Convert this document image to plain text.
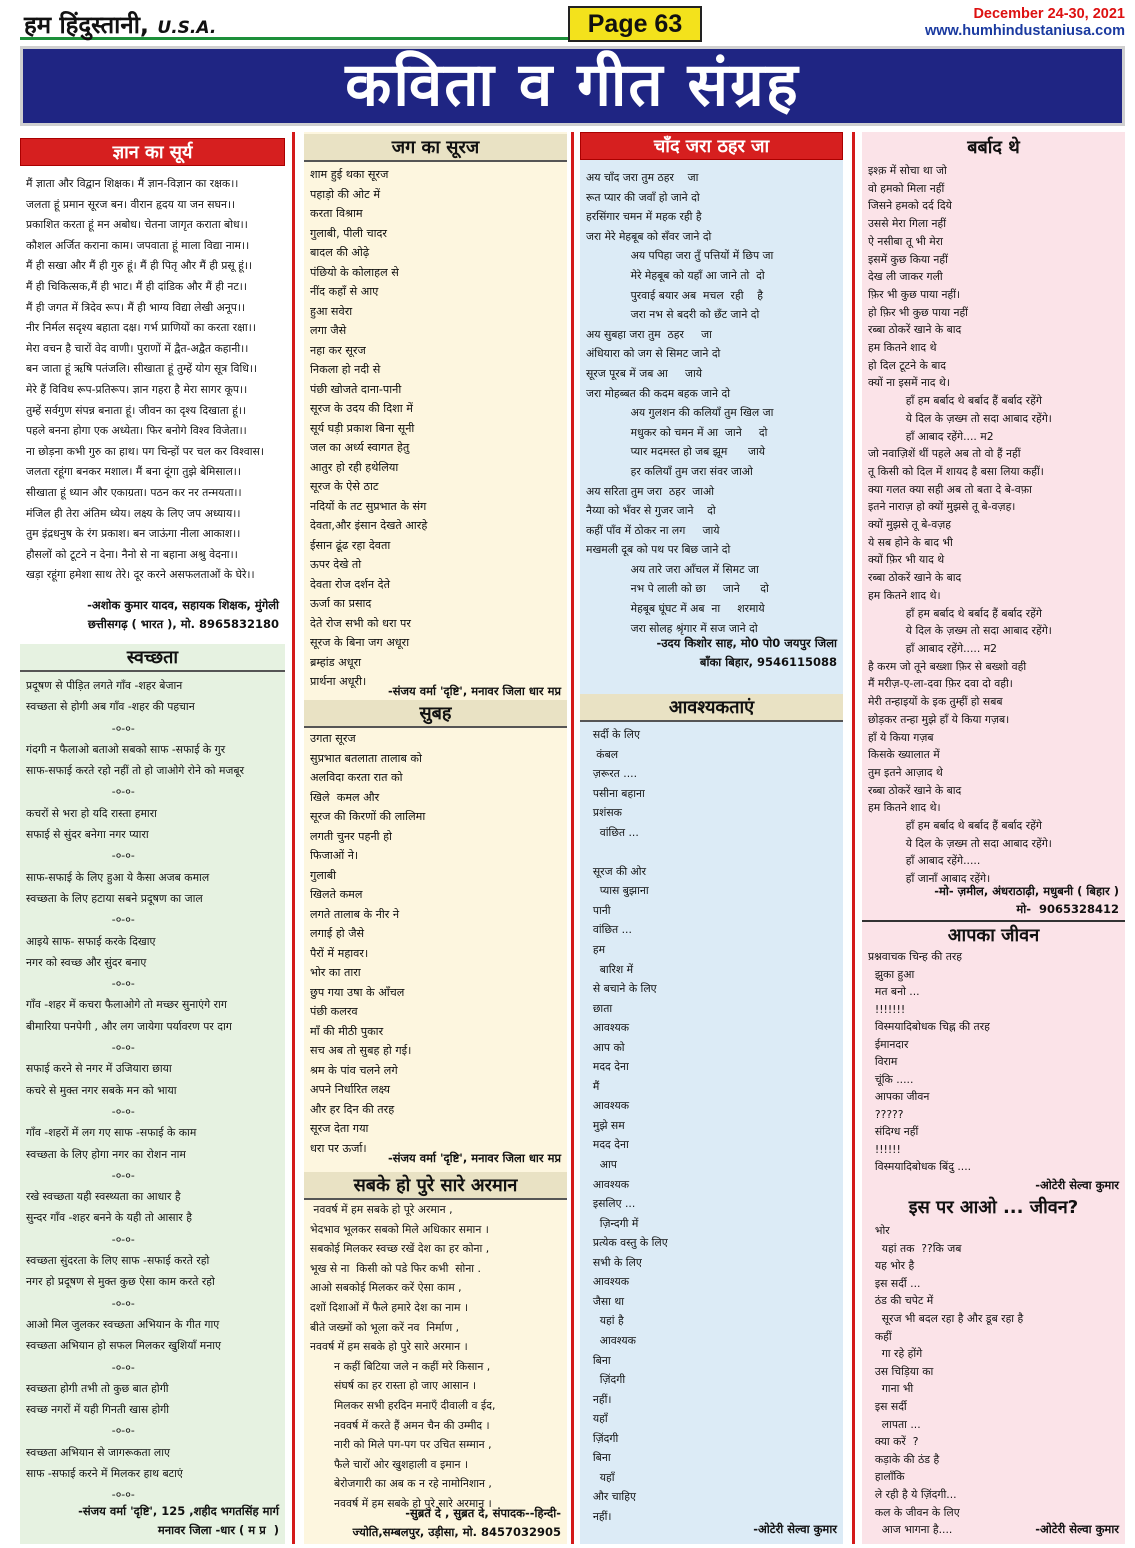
हम हिंदुस्तानी, U.S.A.	Page 63	December 24-30, 2021
www.humhindustaniusa.com
कविता व गीत संग्रह
ज्ञान का सूर्य
मैं ज्ञाता और विद्वान शिक्षक। मैं ज्ञान-विज्ञान का रक्षक।।
जलता हूं प्रमान सूरज बन। वीरान हृदय या जन सघन।।
प्रकाशित करता हूं मन अबोध। चेतना जागृत कराता बोध।।
कौशल अर्जित कराना काम। जपवाता हूं माला विद्या नाम।।
मैं ही सखा और मैं ही गुरु हूं। मैं ही पितृ और मैं ही प्रसू हूं।।
मैं ही चिकित्सक,मैं ही भाट। मैं ही दांडिक और मैं ही नट।।
मैं ही जगत में त्रिदेव रूप। मैं ही भाग्य विद्या लेखी अनूप।।
नीर निर्मल सदृश्य बहाता दक्ष। गर्भ प्राणियों का करता रक्षा।।
मेरा वचन है चारों वेद वाणी। पुराणों में द्वैत-अद्वैत कहानी।।
बन जाता हूं ऋषि पतंजलि। सीखाता हूं तुम्हें योग सूत्र विधि।।
मेरे हैं विविध रूप-प्रतिरूप। ज्ञान गहरा है मेरा सागर कूप।।
तुम्हें सर्वगुण संपन्न बनाता हूं। जीवन का दृश्य दिखाता हूं।।
पहले बनना होगा एक अध्येता। फिर बनोगे विश्व विजेता।।
ना छोड़ना कभी गुरु का हाथ। पग चिन्हों पर चल कर विश्वास।
जलता रहूंगा बनकर मशाल। मैं बना दूंगा तुझे बेमिसाल।।
सीखाता हूं ध्यान और एकाग्रता। पठन कर नर तन्मयता।।
मंजिल ही तेरा अंतिम ध्येय। लक्ष्य के लिए जप अध्याय।।
तुम इंद्रधनुष के रंग प्रकाश। बन जाऊंगा नीला आकाश।।
हौसलों को टूटने न देना। नैनो से ना बहाना अश्रु वेदना।।
खड़ा रहूंगा हमेशा साथ तेरे। दूर करने असफलताओं के घेरे।।
-अशोक कुमार यादव, सहायक शिक्षक, मुंगेली
छत्तीसगढ़ ( भारत ), मो. 8965832180
स्वच्छता
प्रदूषण से पीड़ित लगते गाँव -शहर बेजान
स्वच्छता से होगी अब गाँव -शहर की पहचान
-०-०-
गंदगी न फैलाओ बताओ सबको साफ -सफाई के गुर
साफ-सफाई करते रहो नहीं तो हो जाओगे रोने को मजबूर
-०-०-
कचरों से भरा हो यदि रास्ता हमारा
सफाई से सुंदर बनेगा नगर प्यारा
-०-०-
साफ-सफाई के लिए हुआ ये कैसा अजब कमाल
स्वच्छता के लिए हटाया सबने प्रदूषण का जाल
-०-०-
आइये साफ- सफाई करके दिखाए
नगर को स्वच्छ और सुंदर बनाए
-०-०-
गाँव -शहर में कचरा फैलाओगे तो मच्छर सुनाएंगे राग
बीमारिया पनपेगी , और लग जायेगा पर्यावरण पर दाग
-०-०-
सफाई करने से नगर में उजियारा छाया
कचरे से मुक्त नगर सबके मन को भाया
-०-०-
गाँव -शहरों में लग गए साफ -सफाई के काम
स्वच्छता के लिए होगा नगर का रोशन नाम
-०-०-
रखे स्वच्छता यही स्वस्थ्यता का आधार है
सुन्दर गाँव -शहर बनने के यही तो आसार है
-०-०-
स्वच्छता सुंदरता के लिए साफ -सफाई करते रहो
नगर हो प्रदूषण से मुक्त कुछ ऐसा काम करते रहो
-०-०-
आओ मिल जुलकर स्वच्छता अभियान के गीत गाए
स्वच्छता अभियान हो सफल मिलकर खुशियाँ मनाए
-०-०-
स्वच्छता होगी तभी तो कुछ बात होगी
स्वच्छ नगरों में यही गिनती खास होगी
-०-०-
स्वच्छता अभियान से जागरूकता लाए
साफ -सफाई करने में मिलकर हाथ बटाएं
-०-०-
-संजय वर्मा 'दृष्टि', 125 ,शहीद भगतसिंह मार्ग
मनावर जिला -धार ( म प्र  )
जग का सूरज
शाम हुई थका सूरज
पहाड़ो की ओट में
करता विश्राम
गुलाबी, पीली चादर
बादल की ओढ़े
पंछियो के कोलाहल से
नींद कहाँ से आए
हुआ सवेरा
लगा जैसे
नहा कर सूरज
निकला हो नदी से
पंछी खोजते दाना-पानी
सूरज के उदय की दिशा में
सूर्य घड़ी प्रकाश बिना सूनी
जल का अर्ध्य स्वागत हेतु
आतुर हो रही हथेलिया
सूरज के ऐसे ठाट
नदियों के तट सुप्रभात के संग
देवता,और इंसान देखते आरहे
ईसान ढूंढ रहा देवता
ऊपर देखे तो
देवता रोज दर्शन देते
ऊर्जा का प्रसाद
देते रोज सभी को धरा पर
सूरज के बिना जग अधूरा
ब्रम्हांड अधूरा
प्रार्थना अधूरी।
-संजय वर्मा 'दृष्टि', मनावर जिला धार मप्र
सुबह
उगता सूरज
सुप्रभात बतलाता तालाब को
अलविदा करता रात को
खिले  कमल और
सूरज की किरणों की लालिमा
लगती चुनर पहनी हो
फिजाओं ने।
गुलाबी
खिलते कमल
लगते तालाब के नीर ने
लगाई हो जैसे
पैरों में महावर।
भोर का तारा
छुप गया उषा के आँचल
पंछी कलरव
माँ की मीठी पुकार
सच अब तो सुबह हो गई।
श्रम के पांव चलने लगे
अपने निर्धारित लक्ष्य
और हर दिन की तरह
सूरज देता गया
धरा पर ऊर्जा।
-संजय वर्मा 'दृष्टि', मनावर जिला धार मप्र
सबके हो पुरे सारे अरमान
नववर्ष में हम सबके हो पूरे अरमान ,
भेदभाव भूलकर सबको मिले अधिकार समान ।
सबकोई मिलकर स्वच्छ रखें देश का हर कोना ,
भूख से ना  किसी को पडे फिर कभी  सोना .
आओ सबकोई मिलकर करें ऐसा काम ,
दशों दिशाओं में फैले हमारे देश का नाम ।
बीते जख्मों को भूला करें नव  निर्माण ,
नववर्ष में हम सबके हो पुरे सारे अरमान ।
न कहीं बिटिया जले न कहीं मरे किसान ,
संघर्ष का हर रास्ता हो जाए आसान ।
मिलकर सभी हरदिन मनाएँ दीवाली व ईद,
नववर्ष में करते हैं अमन चैन की उम्मीद ।
नारी को मिले पग-पग पर उचित सम्मान ,
फैले चारों ओर खुशहाली व इमान ।
बेरोजगारी का अब क न रहे नामोनिशान ,
नववर्ष में हम सबके हो पुरे सारे अरमान ।
-सुब्रत दे , सुब्रत दे, संपादक--हिन्दी-
ज्योति,सम्बलपुर, उड़ीसा, मो. 8457032905
चाँद जरा ठहर जा
अय चाँद जरा तुम ठहर    जा
रूत प्यार की जवाँ हो जाने दो
हरसिंगार चमन में महक रही है
जरा मेरे मेहबूब को सँवर जाने दो
अय पपिहा जरा तुँ पत्तियों में छिप जा
मेरे मेहबूब को यहाँ आ जाने तो  दो
पुरवाई बयार अब  मचल  रही    है
जरा नभ से बदरी को छँट जाने दो
अय सुबहा जरा तुम  ठहर     जा
अंधियारा को जग से सिमट जाने दो
सूरज पूरब में जब आ     जाये
जरा मोहब्बत की कदम बहक जाने दो
अय गुलशन की कलियाँ तुम खिल जा
मधुकर को चमन में आ  जाने     दो
प्यार मदमस्त हो जब झूम      जाये
हर कलियाँ तुम जरा संवर जाओ
अय सरिता तुम जरा  ठहर  जाओ
नैय्या को भँवर से गुजर जाने    दो
कहीं पाँव में ठोकर ना लग     जाये
मखमली दूब को पथ पर बिछ जाने दो
अय तारे जरा आँचल में सिमट जा
नभ पे लाली को छा     जाने      दो
मेहबूब घूंघट में अब  ना     शरमाये
जरा सोलह श्रृंगार में सज जाने दो
-उदय किशोर साह, मो0 पो0 जयपुर जिला
बाँका बिहार, 9546115088
आवश्यकताएं
सर्दी के लिए
कंबल
ज़रूरत ....
पसीना बहाना
प्रशंसक
वांछित ...

सूरज की ओर
प्यास बुझाना
पानी
वांछित ...
हम
बारिश में
से बचाने के लिए
छाता
आवश्यक
आप को
मदद देना
मैं
आवश्यक
मुझे सम
मदद देना
आप
आवश्यक
इसलिए ...
ज़िन्दगी में
प्रत्येक वस्तु के लिए
सभी के लिए
आवश्यक
जैसा था
यहां है
आवश्यक
बिना
ज़िंदगी
नहीं।
यहाँ
ज़िंदगी
बिना
यहाँ
और चाहिए
नहीं।
-ओटेरी सेल्वा कुमार
बर्बाद थे
इश्क़ में सोचा था जो
वो हमको मिला नहीं
जिसने हमको दर्द दिये
उससे मेरा गिला नहीं
ऐ नसीबा तू भी मेरा
इसमें कुछ किया नहीं
देख ली जाकर गली
फ़िर भी कुछ पाया नहीं।
हो फ़िर भी कुछ पाया नहीं
रब्बा ठोकरें खाने के बाद
हम कितने शाद थे
हो दिल टूटने के बाद
क्यों ना इसमें नाद थे।
हाँ हम बर्बाद थे बर्बाद हैं बर्बाद रहेंगे
ये दिल के ज़ख्म तो सदा आबाद रहेंगे।
हाँ आबाद रहेंगे.... म2
जो नवाज़िशें थीं पहले अब तो वो हैं नहीं
तू किसी को दिल में शायद है बसा लिया कहीं।
क्या गलत क्या सही अब तो बता दे बे-वफ़ा
इतने नाराज़ हो क्यों मुझसे तू बे-वज़ह।
क्यों मुझसे तू बे-वज़ह
ये सब होने के बाद भी
क्यों फ़िर भी याद थे
रब्बा ठोकरें खाने के बाद
हम कितने शाद थे।
हाँ हम बर्बाद थे बर्बाद हैं बर्बाद रहेंगे
ये दिल के ज़ख्म तो सदा आबाद रहेंगे।
हाँ आबाद रहेंगे..... म2
है करम जो तूने बख्शा फ़िर से बख्शो वही
मैं मरीज़-ए-ला-दवा फ़िर दवा दो वही।
मेरी तन्हाइयों के इक तुम्हीं हो सबब
छोड़कर तन्हा मुझे हाँ ये किया गज़ब।
हाँ ये किया गज़ब
किसके ख्यालात में
तुम इतने आज़ाद थे
रब्बा ठोकरें खाने के बाद
हम कितने शाद थे।
हाँ हम बर्बाद थे बर्बाद हैं बर्बाद रहेंगे
ये दिल के ज़ख्म तो सदा आबाद रहेंगे।
हाँ आबाद रहेंगे.....
हाँ जानाँ आबाद रहेंगे।
-मो- ज़मील, अंधराठाढ़ी, मधुबनी ( बिहार )
मो-  9065328412
आपका जीवन
प्रश्नवाचक चिन्ह की तरह
झुका हुआ
मत बनो ...
!!!!!!!
विस्मयादिबोधक चिह्न की तरह
ईमानदार
विराम
चूंकि .....
आपका जीवन
?????
संदिग्ध नहीं
!!!!!!
विस्मयादिबोधक बिंदु ....
-ओटेरी सेल्वा कुमार
इस पर आओ ... जीवन?
भोर
यहां तक  ??कि जब
यह भोर है
इस सर्दी ...
ठंड की चपेट में
सूरज भी बदल रहा है और डूब रहा है
कहीं
गा रहे होंगे
उस चिड़िया का
गाना भी
इस सर्दी
लापता ...
क्या करें  ?
कड़ाके की ठंड है
हालाँकि
ले रही है ये ज़िंदगी...
कल के जीवन के लिए
आज भागना है....	-ओटेरी सेल्वा कुमार
